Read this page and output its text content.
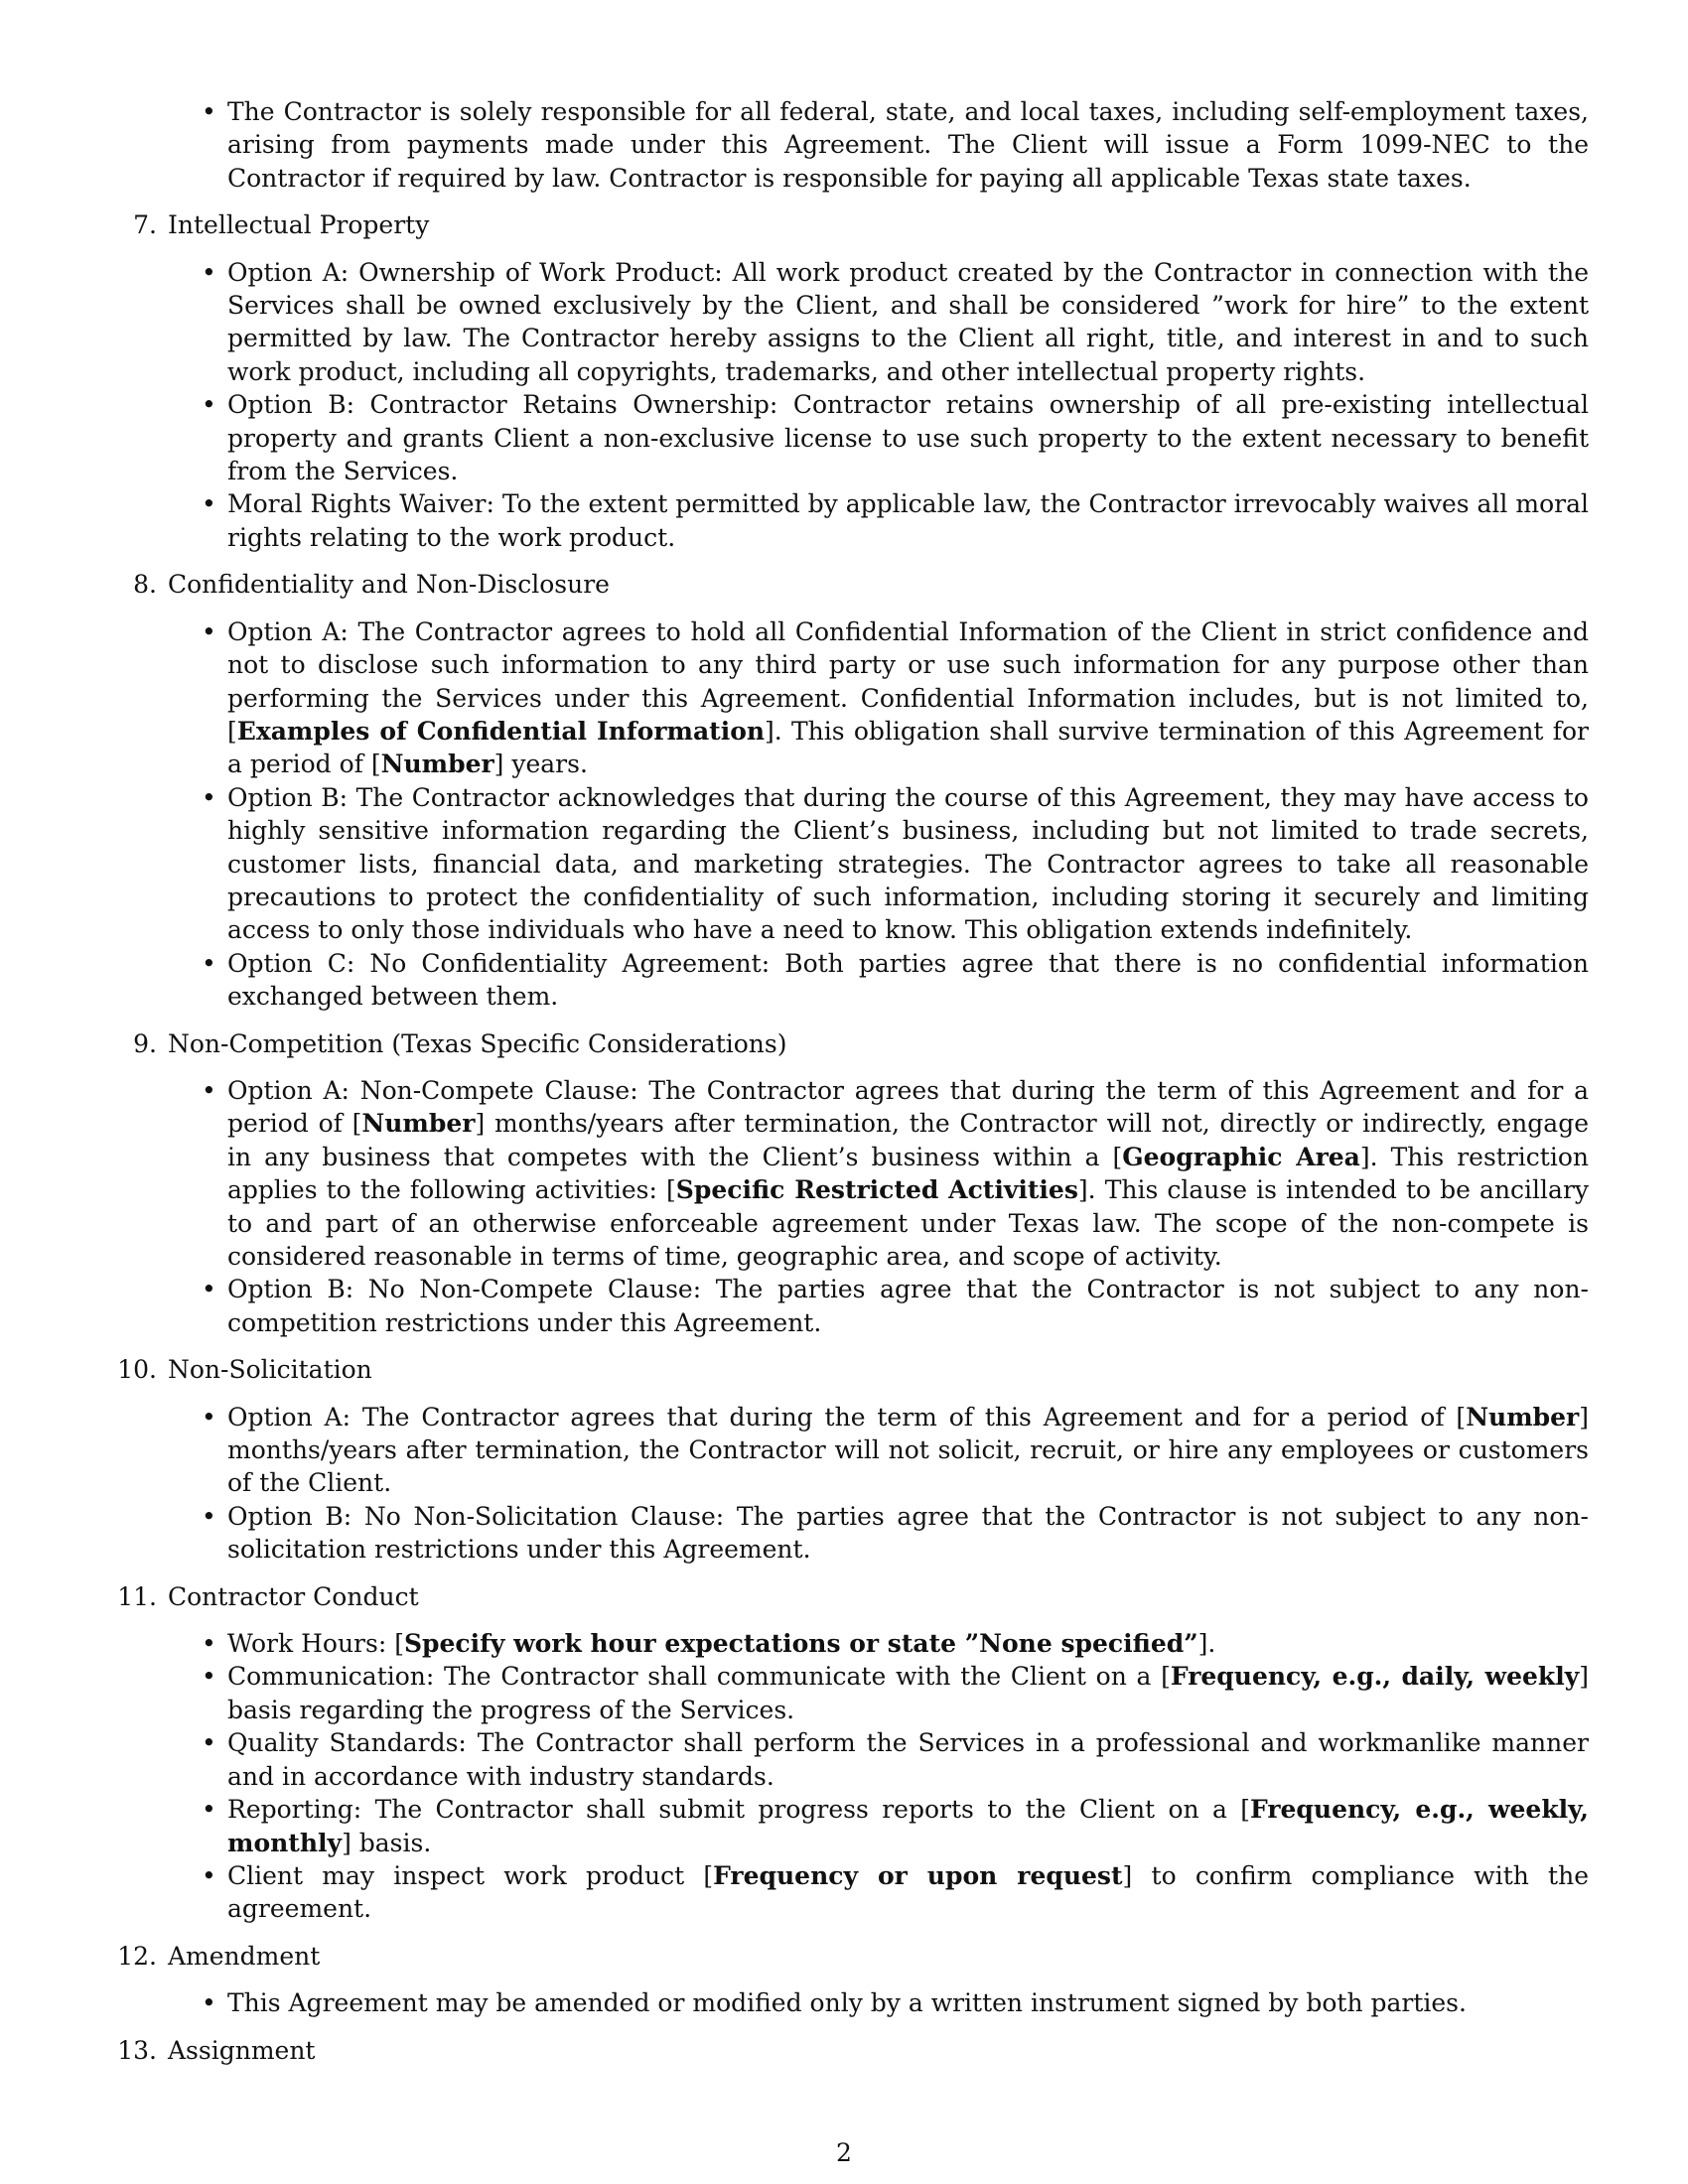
• The Contractor is solely responsible for all federal, state, and local taxes, including self-employment taxes, arising from payments made under this Agreement. The Client will issue a Form 1099-NEC to the Contractor if required by law. Contractor is responsible for paying all applicable Texas state taxes.
7. Intellectual Property
• Option A: Ownership of Work Product: All work product created by the Contractor in connection with the Services shall be owned exclusively by the Client, and shall be considered ”work for hire” to the extent permitted by law. The Contractor hereby assigns to the Client all right, title, and interest in and to such work product, including all copyrights, trademarks, and other intellectual property rights.
• Option B: Contractor Retains Ownership: Contractor retains ownership of all pre-existing intellectual property and grants Client a non-exclusive license to use such property to the extent necessary to benefit from the Services.
• Moral Rights Waiver: To the extent permitted by applicable law, the Contractor irrevocably waives all moral rights relating to the work product.
8. Confidentiality and Non-Disclosure
• Option A: The Contractor agrees to hold all Confidential Information of the Client in strict confidence and not to disclose such information to any third party or use such information for any purpose other than performing the Services under this Agreement. Confidential Information includes, but is not limited to, [Examples of Confidential Information]. This obligation shall survive termination of this Agreement for a period of [Number] years.
• Option B: The Contractor acknowledges that during the course of this Agreement, they may have access to highly sensitive information regarding the Client’s business, including but not limited to trade secrets, customer lists, financial data, and marketing strategies. The Contractor agrees to take all reasonable precautions to protect the confidentiality of such information, including storing it securely and limiting access to only those individuals who have a need to know. This obligation extends indefinitely.
• Option C: No Confidentiality Agreement: Both parties agree that there is no confidential information exchanged between them.
9. Non-Competition (Texas Specific Considerations)
• Option A: Non-Compete Clause: The Contractor agrees that during the term of this Agreement and for a period of [Number] months/years after termination, the Contractor will not, directly or indirectly, engage in any business that competes with the Client’s business within a [Geographic Area]. This restriction applies to the following activities: [Specific Restricted Activities]. This clause is intended to be ancillary to and part of an otherwise enforceable agreement under Texas law. The scope of the non-compete is considered reasonable in terms of time, geographic area, and scope of activity.
• Option B: No Non-Compete Clause: The parties agree that the Contractor is not subject to any non-competition restrictions under this Agreement.
10. Non-Solicitation
• Option A: The Contractor agrees that during the term of this Agreement and for a period of [Number] months/years after termination, the Contractor will not solicit, recruit, or hire any employees or customers of the Client.
• Option B: No Non-Solicitation Clause: The parties agree that the Contractor is not subject to any non-solicitation restrictions under this Agreement.
11. Contractor Conduct
• Work Hours: [Specify work hour expectations or state ”None specified”].
• Communication: The Contractor shall communicate with the Client on a [Frequency, e.g., daily, weekly] basis regarding the progress of the Services.
• Quality Standards: The Contractor shall perform the Services in a professional and workmanlike manner and in accordance with industry standards.
• Reporting: The Contractor shall submit progress reports to the Client on a [Frequency, e.g., weekly, monthly] basis.
• Client may inspect work product [Frequency or upon request] to confirm compliance with the agreement.
12. Amendment
• This Agreement may be amended or modified only by a written instrument signed by both parties.
13. Assignment
2
